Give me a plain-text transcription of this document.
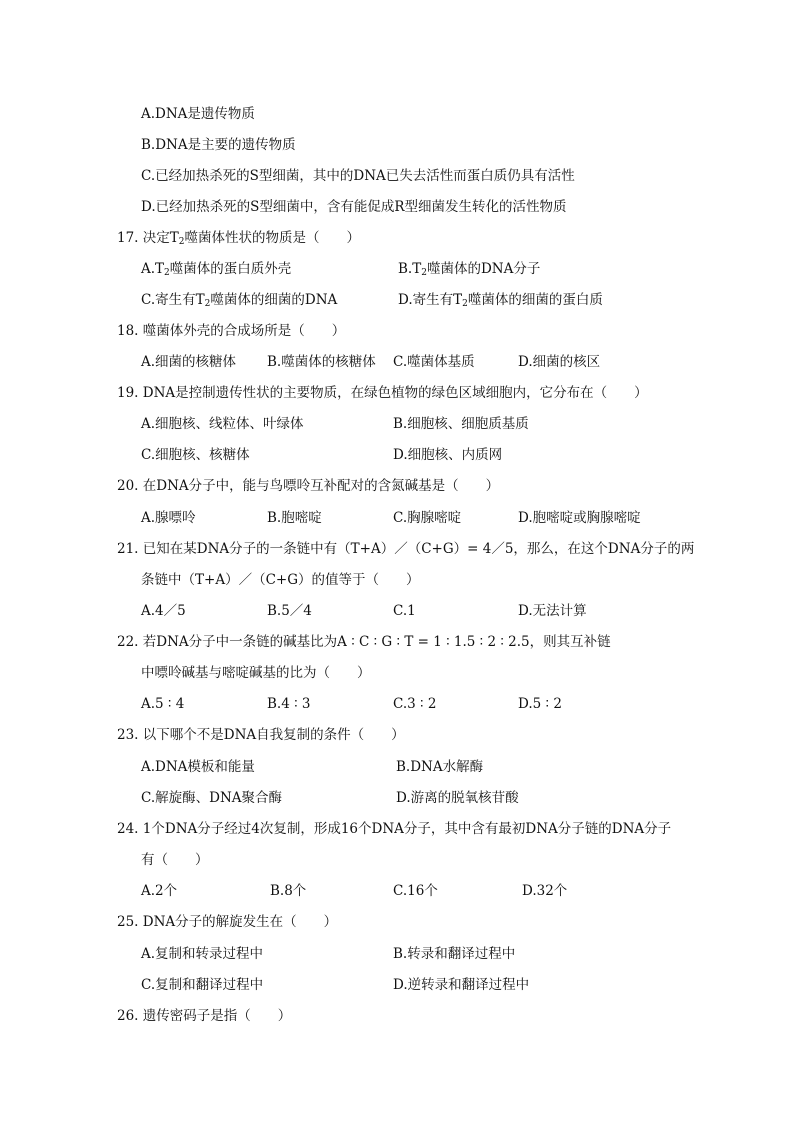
A.DNA是遗传物质
B.DNA是主要的遗传物质
C.已经加热杀死的S型细菌，其中的DNA已失去活性而蛋白质仍具有活性
D.已经加热杀死的S型细菌中，含有能促成R型细菌发生转化的活性物质
17. 决定$T_2$噬菌体性状的物质是（　　）
$A.T_2$噬菌体的蛋白质外壳	$B.T_2$噬菌体的DNA分子
C.寄生有$T_2$噬菌体的细菌的DNA	D.寄生有$T_2$噬菌体的细菌的蛋白质
18. 噬菌体外壳的合成场所是（　　）
A.细菌的核糖体 B.噬菌体的核糖体 C.噬菌体基质	D.细菌的核区
19. DNA是控制遗传性状的主要物质，在绿色植物的绿色区域细胞内，它分布在（　　）
A.细胞核、线粒体、叶绿体	B.细胞核、细胞质基质
C.细胞核、核糖体	D.细胞核、内质网
20. 在DNA分子中，能与鸟嘌呤互补配对的含氮碱基是（　　）
A.腺嘌呤	B.胞嘧啶	C.胸腺嘧啶	D.胞嘧啶或胸腺嘧啶
21. 已知在某DNA分子的一条链中有（T+A）／（C+G）= 4／5，那么，在这个DNA分子的两
条链中（T+A）／（C+G）的值等于（　　）
A.4／5	B.5／4	C.1	D.无法计算
22. 若DNA分子中一条链的碱基比为A ∶ C ∶ G ∶ T = 1 ∶ 1.5 ∶ 2 ∶ 2.5，则其互补链
中嘌呤碱基与嘧啶碱基的比为（　　）
A.5 ∶ 4	B.4 ∶ 3	C.3 ∶ 2	D.5 ∶ 2
23. 以下哪个不是DNA自我复制的条件（　　）
A.DNA模板和能量	B.DNA水解酶
C.解旋酶、DNA聚合酶	D.游离的脱氧核苷酸
24. 1个DNA分子经过4次复制，形成16个DNA分子，其中含有最初DNA分子链的DNA分子
有（　　）
A.2个	B.8个	C.16个	D.32个
25. DNA分子的解旋发生在（　　）
A.复制和转录过程中	B.转录和翻译过程中
C.复制和翻译过程中	D.逆转录和翻译过程中
26. 遗传密码子是指（　　）
